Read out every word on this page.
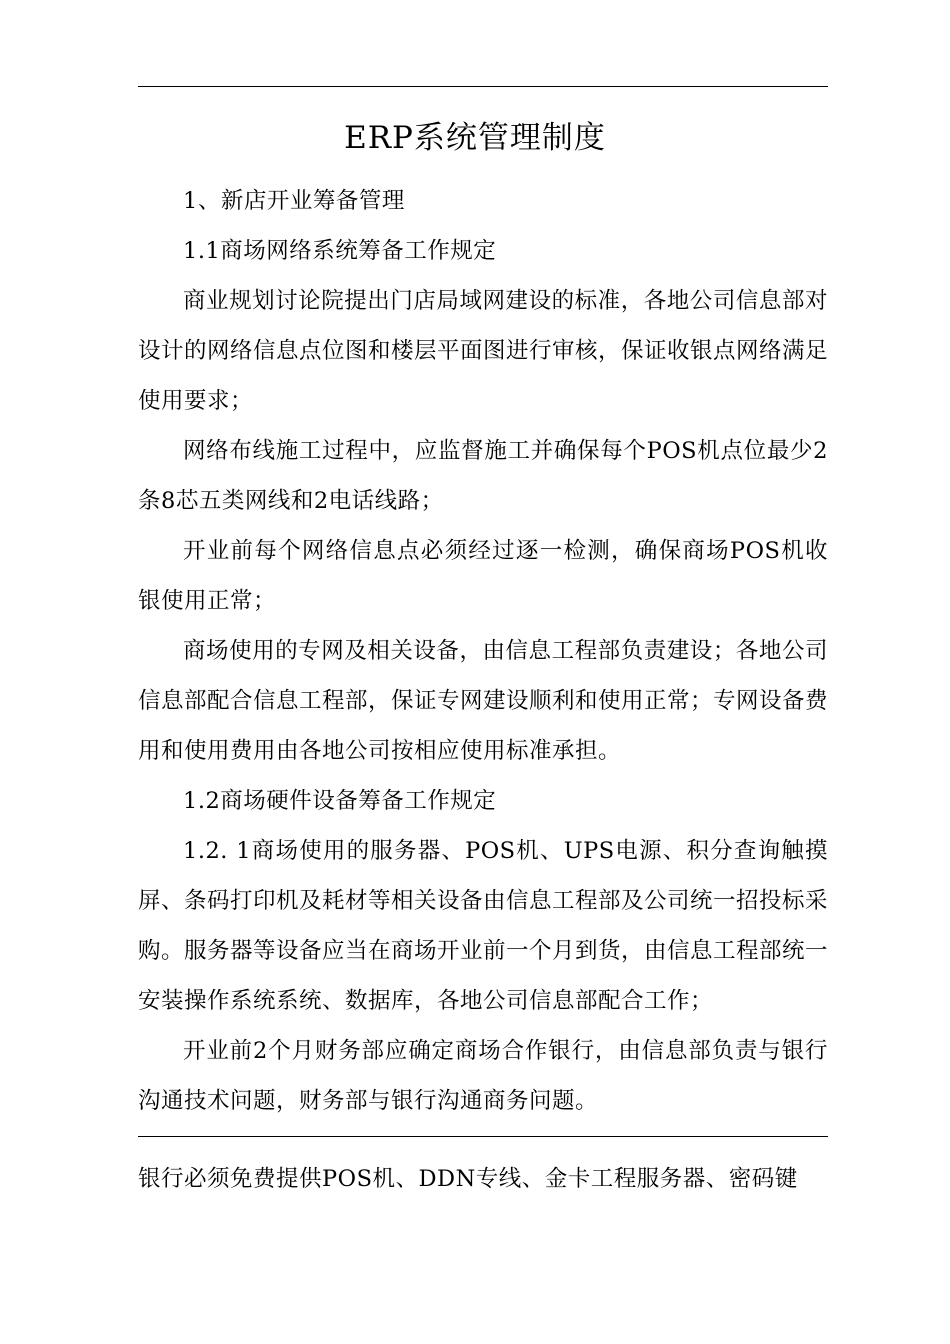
ERP系统管理制度

1、新店开业筹备管理

1.1商场网络系统筹备工作规定

商业规划讨论院提出门店局域网建设的标准，各地公司信息部对设计的网络信息点位图和楼层平面图进行审核，保证收银点网络满足使用要求；

网络布线施工过程中，应监督施工并确保每个POS机点位最少2条8芯五类网线和2电话线路；

开业前每个网络信息点必须经过逐一检测，确保商场POS机收银使用正常；

商场使用的专网及相关设备，由信息工程部负责建设；各地公司信息部配合信息工程部，保证专网建设顺利和使用正常；专网设备费用和使用费用由各地公司按相应使用标准承担。

1.2商场硬件设备筹备工作规定

1.2. 1商场使用的服务器、POS机、UPS电源、积分查询触摸屏、条码打印机及耗材等相关设备由信息工程部及公司统一招投标采购。服务器等设备应当在商场开业前一个月到货，由信息工程部统一安装操作系统系统、数据库，各地公司信息部配合工作；

开业前2个月财务部应确定商场合作银行，由信息部负责与银行沟通技术问题，财务部与银行沟通商务问题。

银行必须免费提供POS机、DDN专线、金卡工程服务器、密码键
